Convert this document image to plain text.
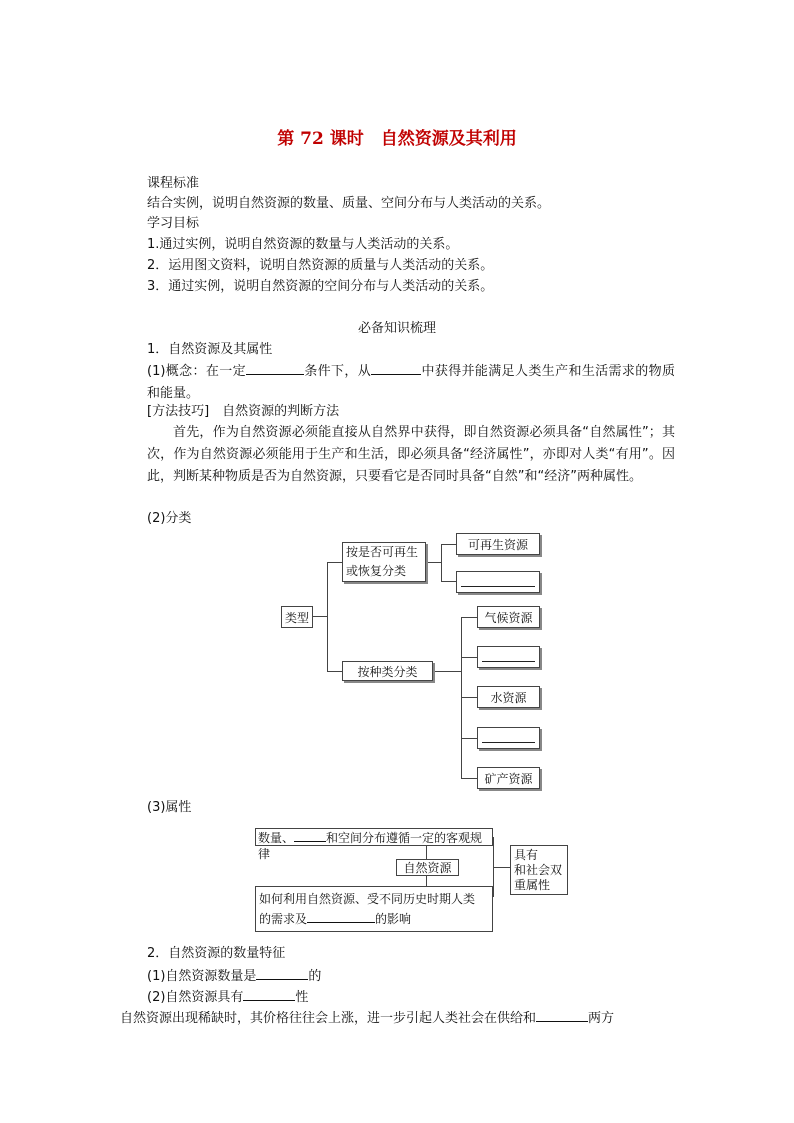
第 72 课时　自然资源及其利用
课程标准
结合实例，说明自然资源的数量、质量、空间分布与人类活动的关系。
学习目标
1.通过实例，说明自然资源的数量与人类活动的关系。
2．运用图文资料，说明自然资源的质量与人类活动的关系。
3．通过实例，说明自然资源的空间分布与人类活动的关系。
必备知识梳理
1．自然资源及其属性
(1)概念：在一定	条件下，从	中获得并能满足人类生产和生活需求的物质和能量。
[方法技巧]　自然资源的判断方法
首先，作为自然资源必须能直接从自然界中获得，即自然资源必须具备“自然属性”；其次，作为自然资源必须能用于生产和生活，即必须具备“经济属性”，亦即对人类“有用”。因此，判断某种物质是否为自然资源，只要看它是否同时具备“自然”和“经济”两种属性。
(2)分类
类型
按是否可再生
或恢复分类
按种类分类
可再生资源
气候资源
水资源
矿产资源
(3)属性
数量、	和空间分布遵循一定的客观规律
自然资源
如何利用自然资源、受不同历史时期人类
的需求及	的影响
具有
和社会双
重属性
2．自然资源的数量特征
(1)自然资源数量是	的
(2)自然资源具有	性
自然资源出现稀缺时，其价格往往会上涨，进一步引起人类社会在供给和	两方
